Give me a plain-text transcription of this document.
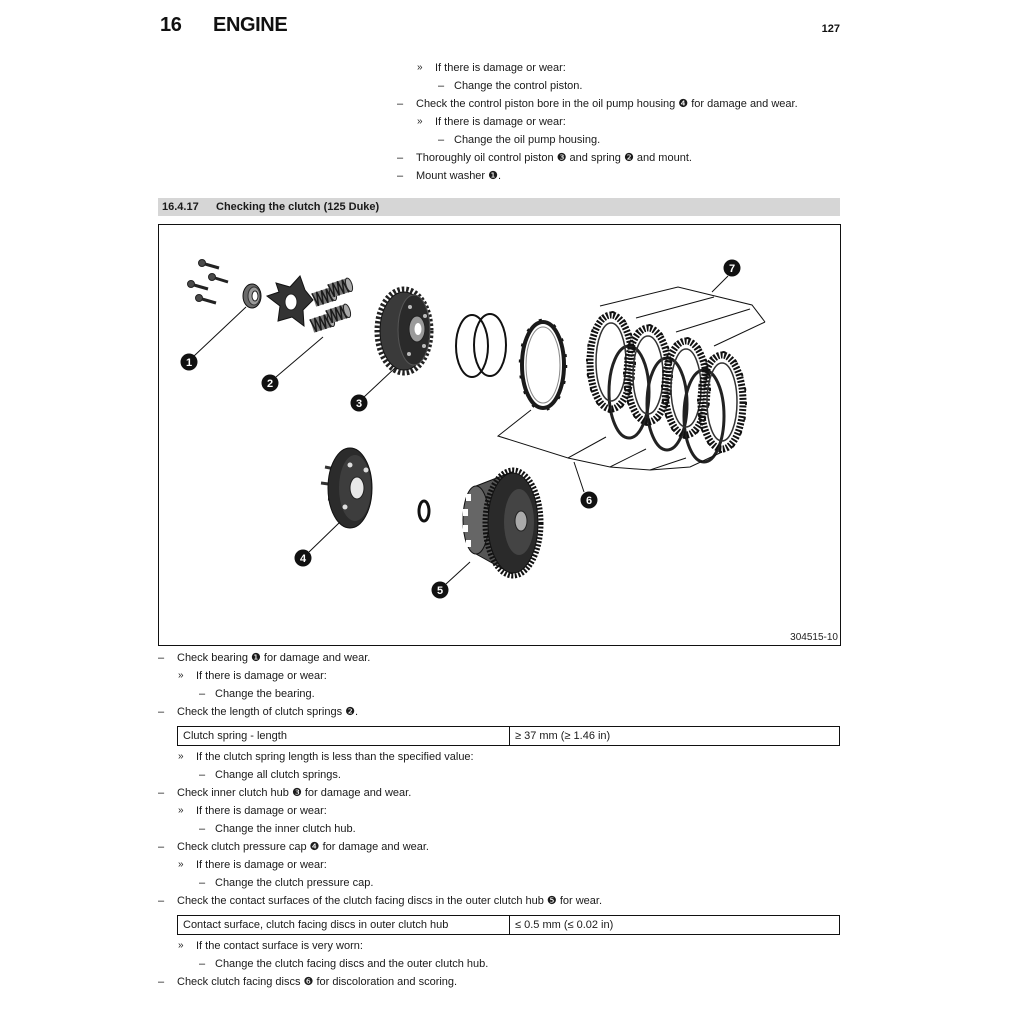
16 ENGINE	127
» If there is damage or wear:
– Change the control piston.
– Check the control piston bore in the oil pump housing ❹ for damage and wear.
» If there is damage or wear:
– Change the oil pump housing.
– Thoroughly oil control piston ❸ and spring ❷ and mount.
– Mount washer ❶.
16.4.17 Checking the clutch (125 Duke)
1
2
3
4
5
6
7
304515-10
– Check bearing ❶ for damage and wear.
» If there is damage or wear:
– Change the bearing.
– Check the length of clutch springs ❷.
Clutch spring - length	≥ 37 mm (≥ 1.46 in)
» If the clutch spring length is less than the specified value:
– Change all clutch springs.
– Check inner clutch hub ❸ for damage and wear.
» If there is damage or wear:
– Change the inner clutch hub.
– Check clutch pressure cap ❹ for damage and wear.
» If there is damage or wear:
– Change the clutch pressure cap.
– Check the contact surfaces of the clutch facing discs in the outer clutch hub ❺ for wear.
Contact surface, clutch facing discs in outer clutch hub	≤ 0.5 mm (≤ 0.02 in)
» If the contact surface is very worn:
– Change the clutch facing discs and the outer clutch hub.
– Check clutch facing discs ❻ for discoloration and scoring.
